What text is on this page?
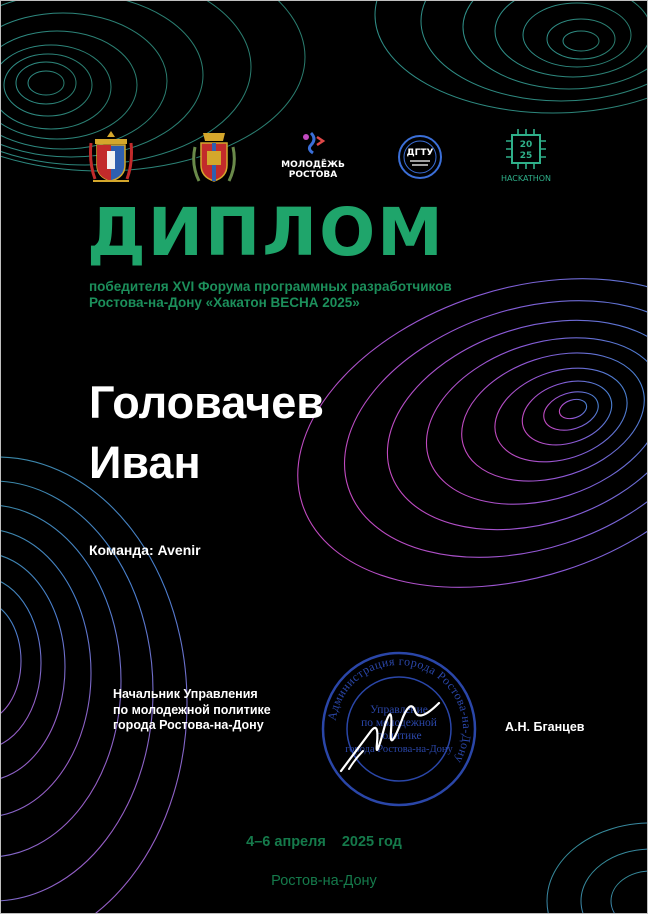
МОЛОДЁЖЬ
РОСТОВА
ДГТУ
20
25
HACKATHON
ДИПЛОМ
победителя XVI Форума программных разработчиков
Ростова-на-Дону «Хакатон ВЕСНА 2025»
Головачев
Иван
Команда: Avenir
Начальник Управления
по молодежной политике
города Ростова-на-Дону
Администрация города Ростова-на-Дону
Управление
по молодежной
политике
города Ростова-на-Дону
А.Н. Бганцев
4–6 апреля 2025 год
Ростов-на-Дону
